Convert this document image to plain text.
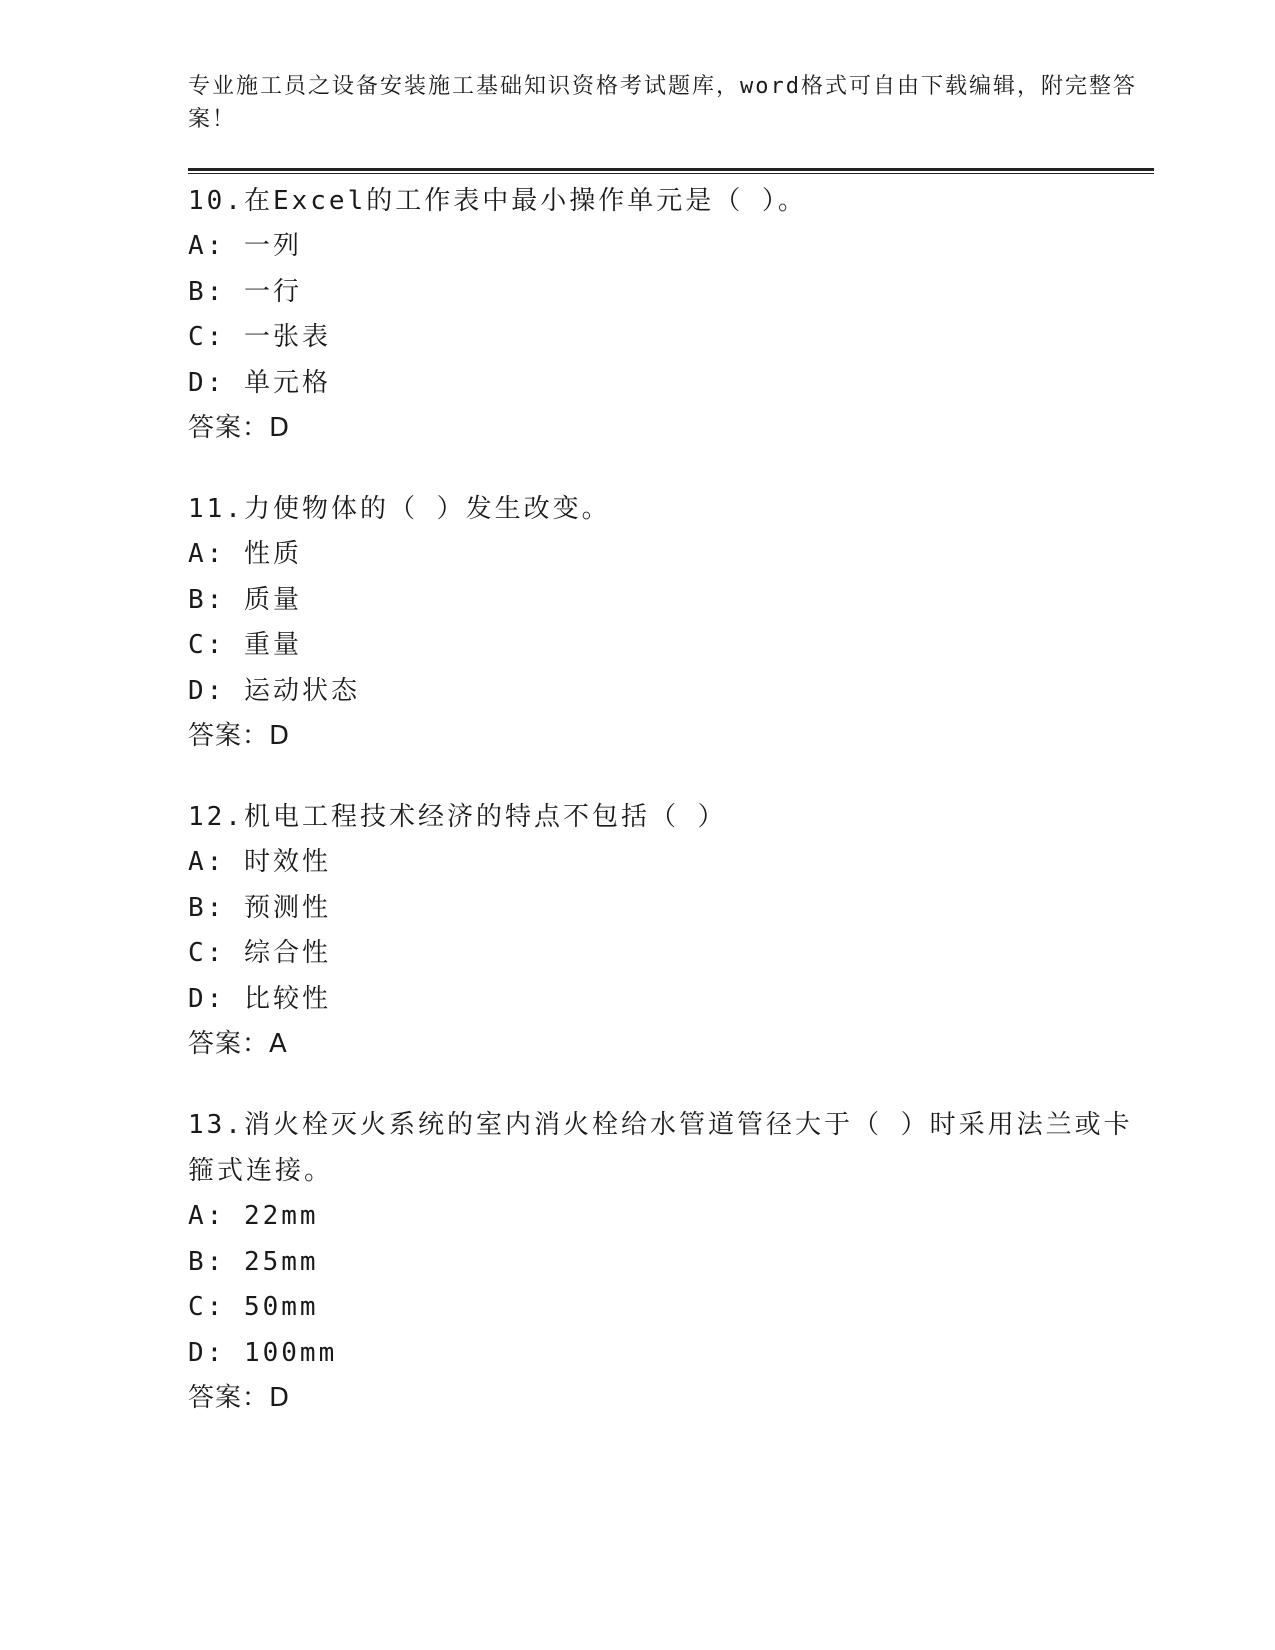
专业施工员之设备安装施工基础知识资格考试题库，word格式可自由下载编辑，附完整答案！

10.在Excel的工作表中最小操作单元是（ ）。

A: 一列

B: 一行

C: 一张表

D: 单元格

答案：D

11.力使物体的（ ）发生改变。

A: 性质

B: 质量

C: 重量

D: 运动状态

答案：D

12.机电工程技术经济的特点不包括（ ）

A: 时效性

B: 预测性

C: 综合性

D: 比较性

答案：A

13.消火栓灭火系统的室内消火栓给水管道管径大于（ ）时采用法兰或卡箍式连接。

A: 22mm

B: 25mm

C: 50mm

D: 100mm

答案：D
